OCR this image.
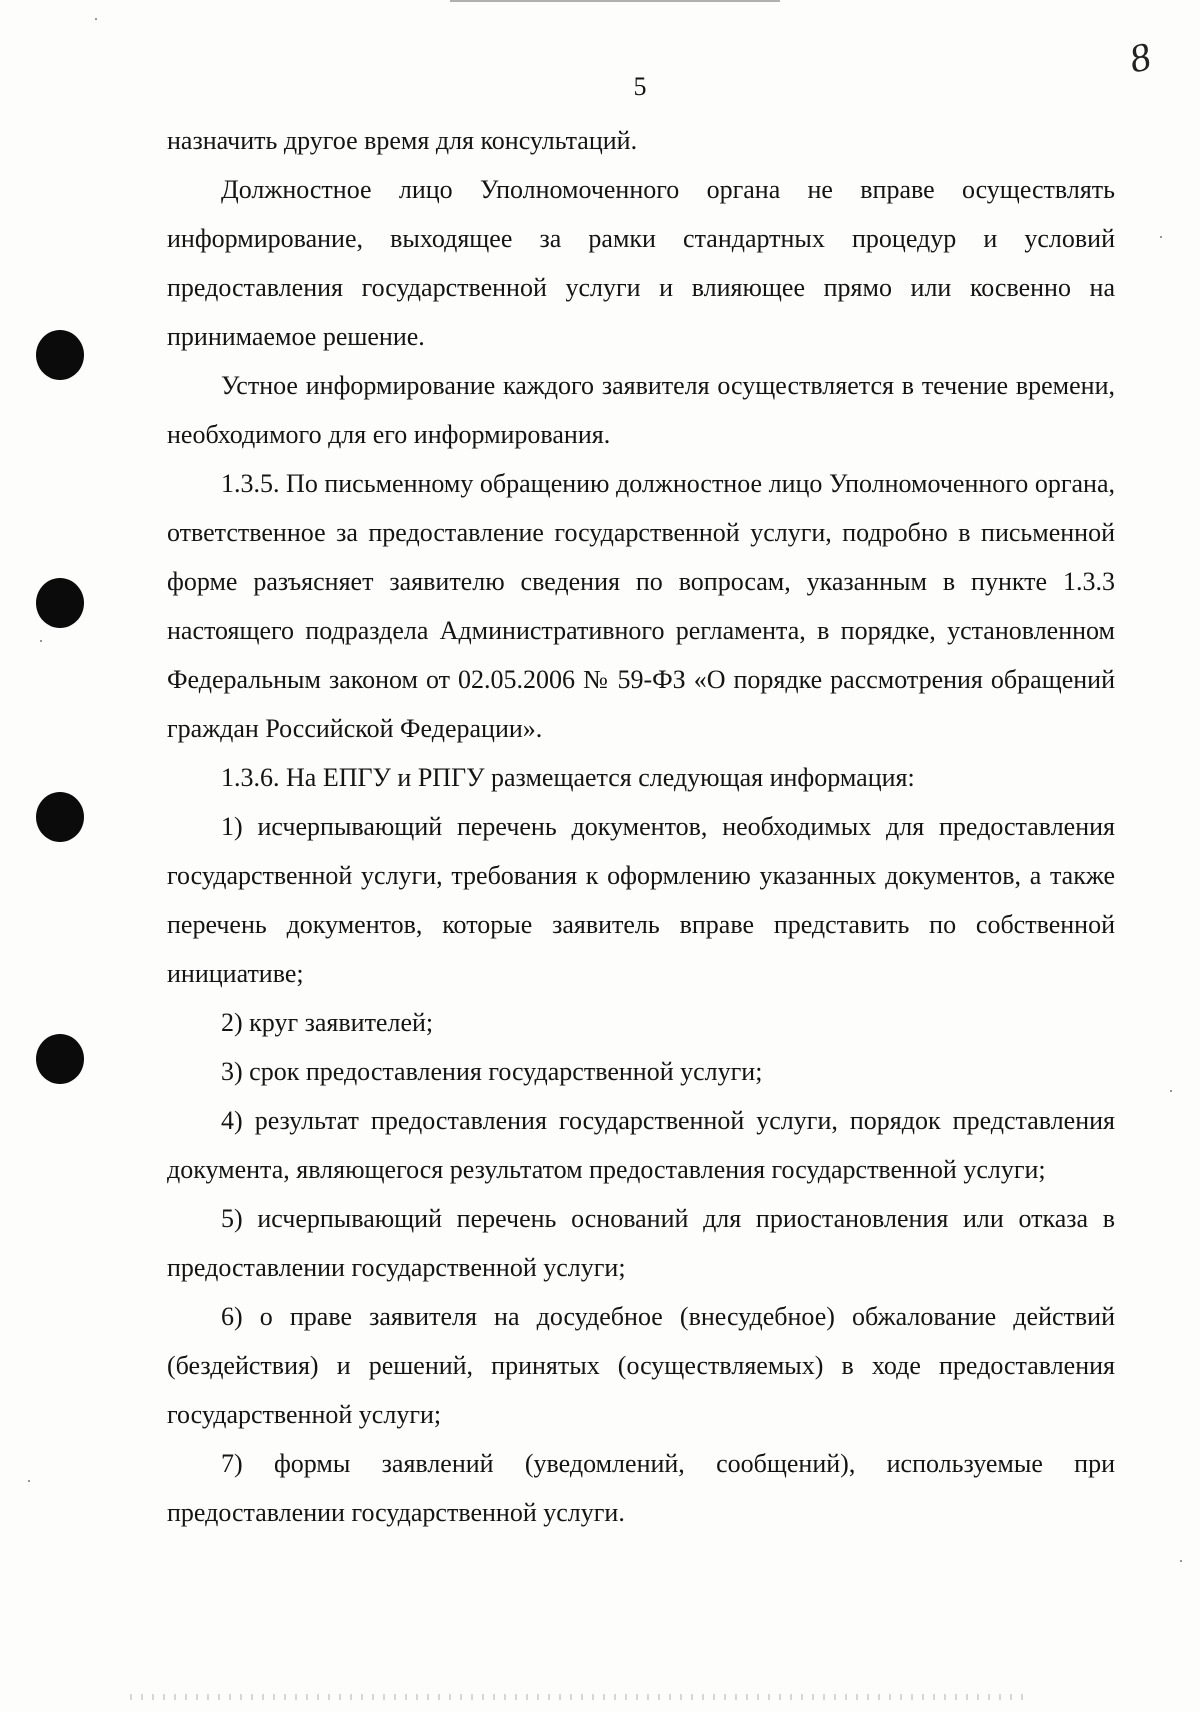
8
5

назначить другое время для консультаций.

Должностное лицо Уполномоченного органа не вправе осуществлять информирование, выходящее за рамки стандартных процедур и условий предоставления государственной услуги и влияющее прямо или косвенно на принимаемое решение.

Устное информирование каждого заявителя осуществляется в течение времени, необходимого для его информирования.

1.3.5. По письменному обращению должностное лицо Уполномоченного органа, ответственное за предоставление государственной услуги, подробно в письменной форме разъясняет заявителю сведения по вопросам, указанным в пункте 1.3.3 настоящего подраздела Административного регламента, в порядке, установленном Федеральным законом от 02.05.2006 № 59-ФЗ «О порядке рассмотрения обращений граждан Российской Федерации».

1.3.6. На ЕПГУ и РПГУ размещается следующая информация:

1) исчерпывающий перечень документов, необходимых для предоставления государственной услуги, требования к оформлению указанных документов, а также перечень документов, которые заявитель вправе представить по собственной инициативе;

2) круг заявителей;

3) срок предоставления государственной услуги;

4) результат предоставления государственной услуги, порядок представления документа, являющегося результатом предоставления государственной услуги;

5) исчерпывающий перечень оснований для приостановления или отказа в предоставлении государственной услуги;

6) о праве заявителя на досудебное (внесудебное) обжалование действий (бездействия) и решений, принятых (осуществляемых) в ходе предоставления государственной услуги;

7) формы заявлений (уведомлений, сообщений), используемые при предоставлении государственной услуги.
